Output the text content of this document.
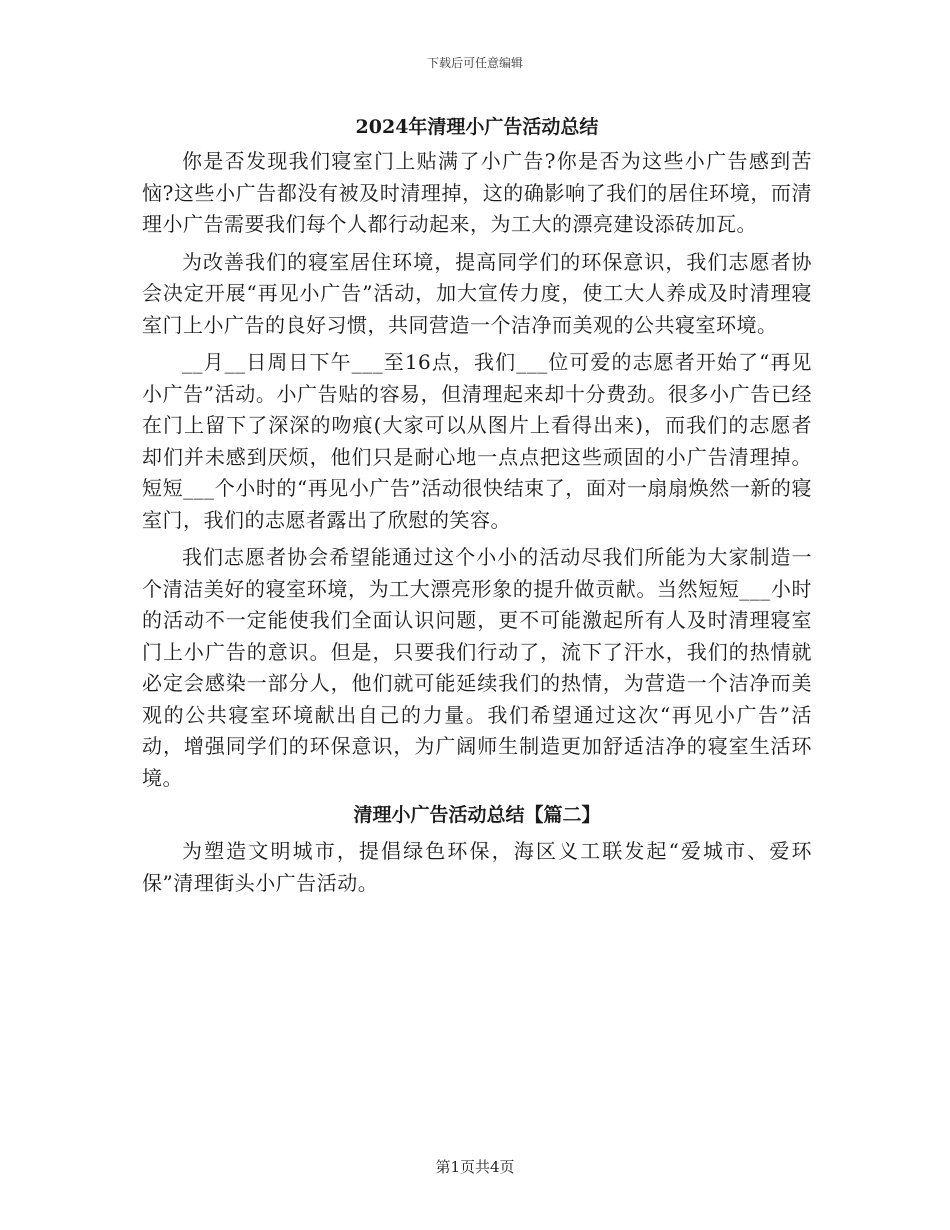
下载后可任意编辑
2024年清理小广告活动总结

你是否发现我们寝室门上贴满了小广告?你是否为这些小广告感到苦恼?这些小广告都没有被及时清理掉，这的确影响了我们的居住环境，而清理小广告需要我们每个人都行动起来，为工大的漂亮建设添砖加瓦。

为改善我们的寝室居住环境，提高同学们的环保意识，我们志愿者协会决定开展“再见小广告”活动，加大宣传力度，使工大人养成及时清理寝室门上小广告的良好习惯，共同营造一个洁净而美观的公共寝室环境。

__月__日周日下午___至16点，我们___位可爱的志愿者开始了“再见小广告”活动。小广告贴的容易，但清理起来却十分费劲。很多小广告已经在门上留下了深深的吻痕(大家可以从图片上看得出来)，而我们的志愿者却们并未感到厌烦，他们只是耐心地一点点把这些顽固的小广告清理掉。短短___个小时的“再见小广告”活动很快结束了，面对一扇扇焕然一新的寝室门，我们的志愿者露出了欣慰的笑容。

我们志愿者协会希望能通过这个小小的活动尽我们所能为大家制造一个清洁美好的寝室环境，为工大漂亮形象的提升做贡献。当然短短___小时的活动不一定能使我们全面认识问题，更不可能激起所有人及时清理寝室门上小广告的意识。但是，只要我们行动了，流下了汗水，我们的热情就必定会感染一部分人，他们就可能延续我们的热情，为营造一个洁净而美观的公共寝室环境献出自己的力量。我们希望通过这次“再见小广告”活动，增强同学们的环保意识，为广阔师生制造更加舒适洁净的寝室生活环境。

清理小广告活动总结【篇二】

为塑造文明城市，提倡绿色环保，海区义工联发起“爱城市、爱环保”清理街头小广告活动。

第1页共4页
